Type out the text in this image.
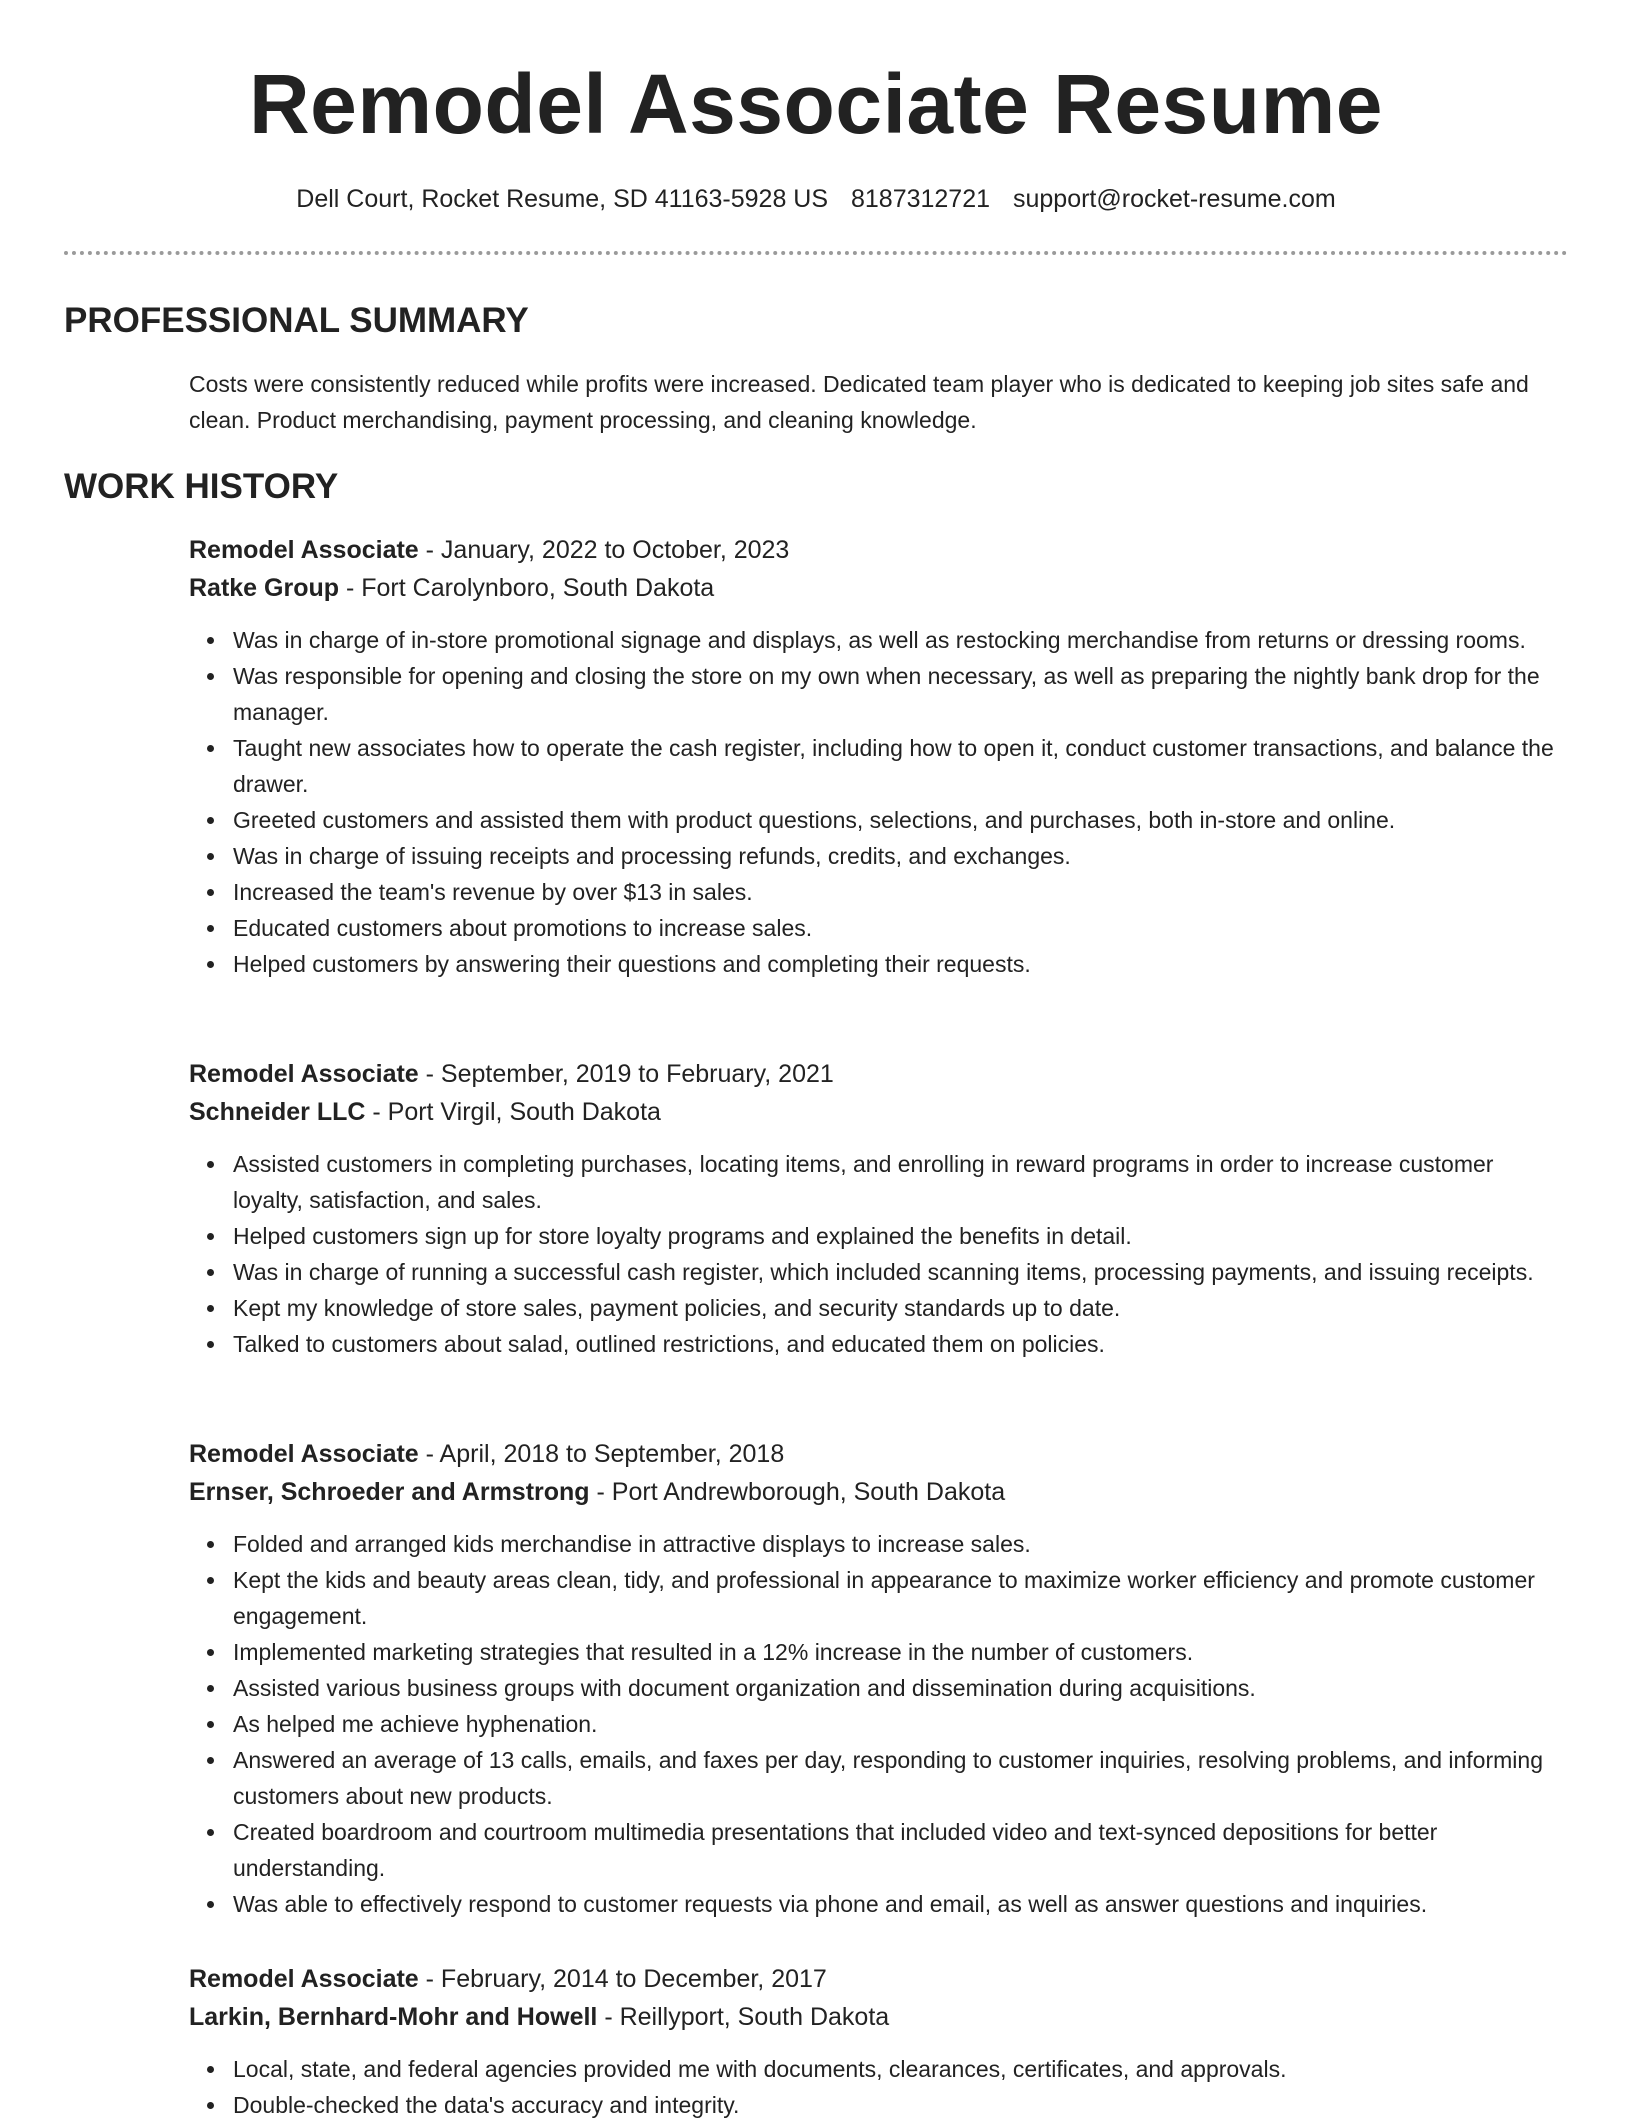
Remodel Associate Resume
Dell Court, Rocket Resume, SD 41163-5928 US 8187312721 support@rocket-resume.com
PROFESSIONAL SUMMARY
Costs were consistently reduced while profits were increased. Dedicated team player who is dedicated to keeping job sites safe and clean. Product merchandising, payment processing, and cleaning knowledge.
WORK HISTORY
Remodel Associate - January, 2022 to October, 2023
Ratke Group - Fort Carolynboro, South Dakota
Was in charge of in-store promotional signage and displays, as well as restocking merchandise from returns or dressing rooms.
Was responsible for opening and closing the store on my own when necessary, as well as preparing the nightly bank drop for the manager.
Taught new associates how to operate the cash register, including how to open it, conduct customer transactions, and balance the drawer.
Greeted customers and assisted them with product questions, selections, and purchases, both in-store and online.
Was in charge of issuing receipts and processing refunds, credits, and exchanges.
Increased the team's revenue by over $13 in sales.
Educated customers about promotions to increase sales.
Helped customers by answering their questions and completing their requests.
Remodel Associate - September, 2019 to February, 2021
Schneider LLC - Port Virgil, South Dakota
Assisted customers in completing purchases, locating items, and enrolling in reward programs in order to increase customer loyalty, satisfaction, and sales.
Helped customers sign up for store loyalty programs and explained the benefits in detail.
Was in charge of running a successful cash register, which included scanning items, processing payments, and issuing receipts.
Kept my knowledge of store sales, payment policies, and security standards up to date.
Talked to customers about salad, outlined restrictions, and educated them on policies.
Remodel Associate - April, 2018 to September, 2018
Ernser, Schroeder and Armstrong - Port Andrewborough, South Dakota
Folded and arranged kids merchandise in attractive displays to increase sales.
Kept the kids and beauty areas clean, tidy, and professional in appearance to maximize worker efficiency and promote customer engagement.
Implemented marketing strategies that resulted in a 12% increase in the number of customers.
Assisted various business groups with document organization and dissemination during acquisitions.
As helped me achieve hyphenation.
Answered an average of 13 calls, emails, and faxes per day, responding to customer inquiries, resolving problems, and informing customers about new products.
Created boardroom and courtroom multimedia presentations that included video and text-synced depositions for better understanding.
Was able to effectively respond to customer requests via phone and email, as well as answer questions and inquiries.
Remodel Associate - February, 2014 to December, 2017
Larkin, Bernhard-Mohr and Howell - Reillyport, South Dakota
Local, state, and federal agencies provided me with documents, clearances, certificates, and approvals.
Double-checked the data's accuracy and integrity.
